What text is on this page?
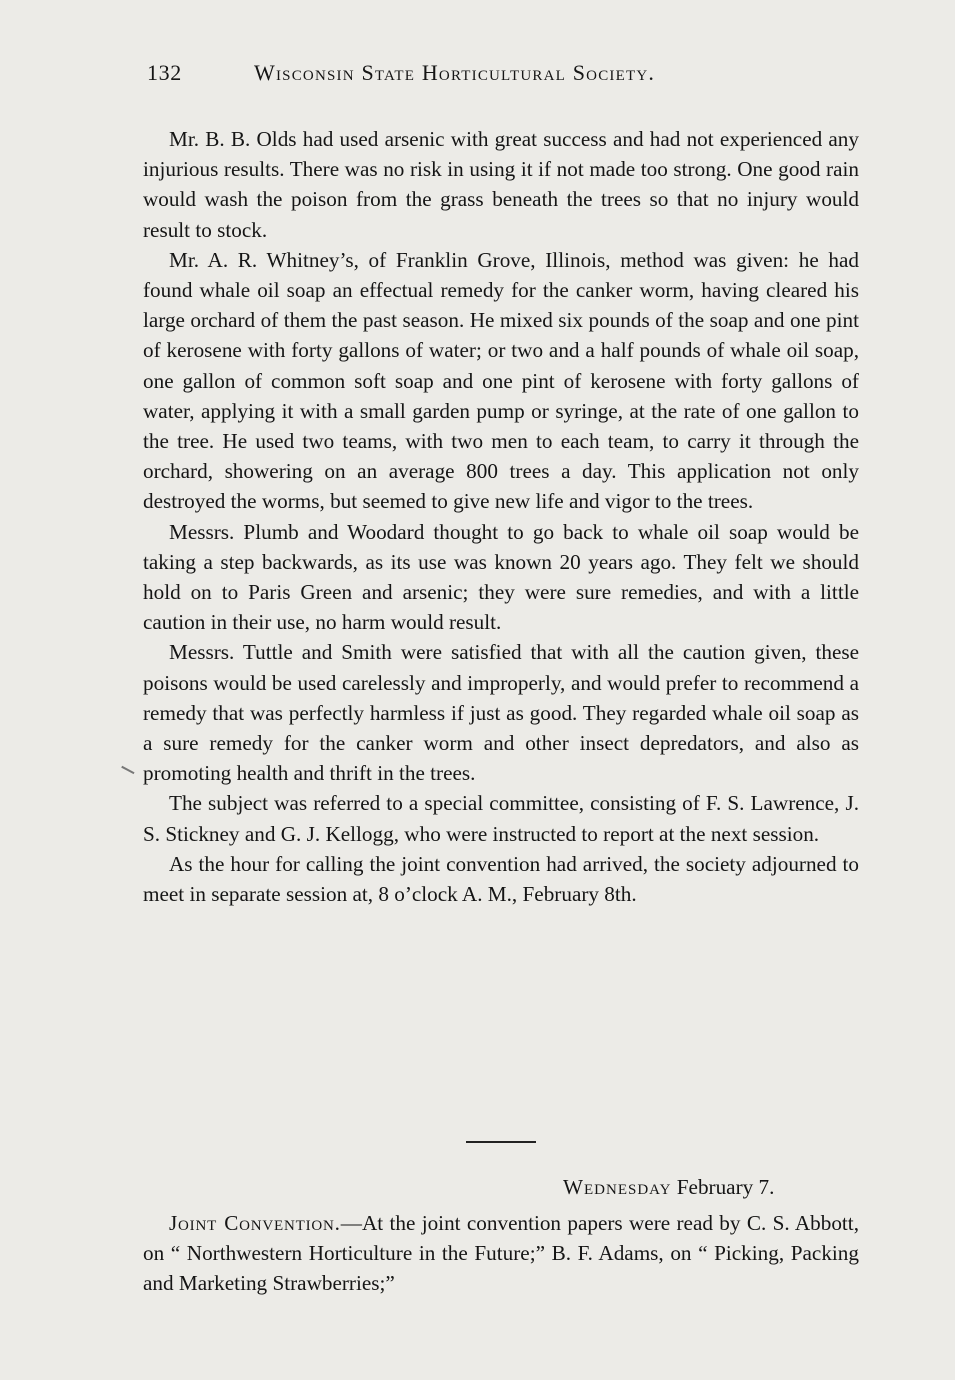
132	Wisconsin State Horticultural Society.

Mr. B. B. Olds had used arsenic with great success and had not experienced any injurious results. There was no risk in using it if not made too strong. One good rain would wash the poison from the grass beneath the trees so that no injury would result to stock.

Mr. A. R. Whitney’s, of Franklin Grove, Illinois, method was given: he had found whale oil soap an effectual remedy for the canker worm, having cleared his large orchard of them the past season. He mixed six pounds of the soap and one pint of kerosene with forty gallons of water; or two and a half pounds of whale oil soap, one gallon of common soft soap and one pint of kerosene with forty gallons of water, applying it with a small garden pump or syringe, at the rate of one gallon to the tree. He used two teams, with two men to each team, to carry it through the orchard, showering on an average 800 trees a day. This application not only destroyed the worms, but seemed to give new life and vigor to the trees.

Messrs. Plumb and Woodard thought to go back to whale oil soap would be taking a step backwards, as its use was known 20 years ago. They felt we should hold on to Paris Green and arsenic; they were sure remedies, and with a little caution in their use, no harm would result.

Messrs. Tuttle and Smith were satisfied that with all the caution given, these poisons would be used carelessly and improperly, and would prefer to recommend a remedy that was perfectly harmless if just as good. They regarded whale oil soap as a sure remedy for the canker worm and other insect depredators, and also as promoting health and thrift in the trees.

The subject was referred to a special committee, consisting of F. S. Lawrence, J. S. Stickney and G. J. Kellogg, who were instructed to report at the next session.

As the hour for calling the joint convention had arrived, the society adjourned to meet in separate session at, 8 o’clock A. M., February 8th.

Wednesday February 7.

Joint Convention.—At the joint convention papers were read by C. S. Abbott, on “ Northwestern Horticulture in the Future;” B. F. Adams, on “ Picking, Packing and Marketing Strawberries;”
